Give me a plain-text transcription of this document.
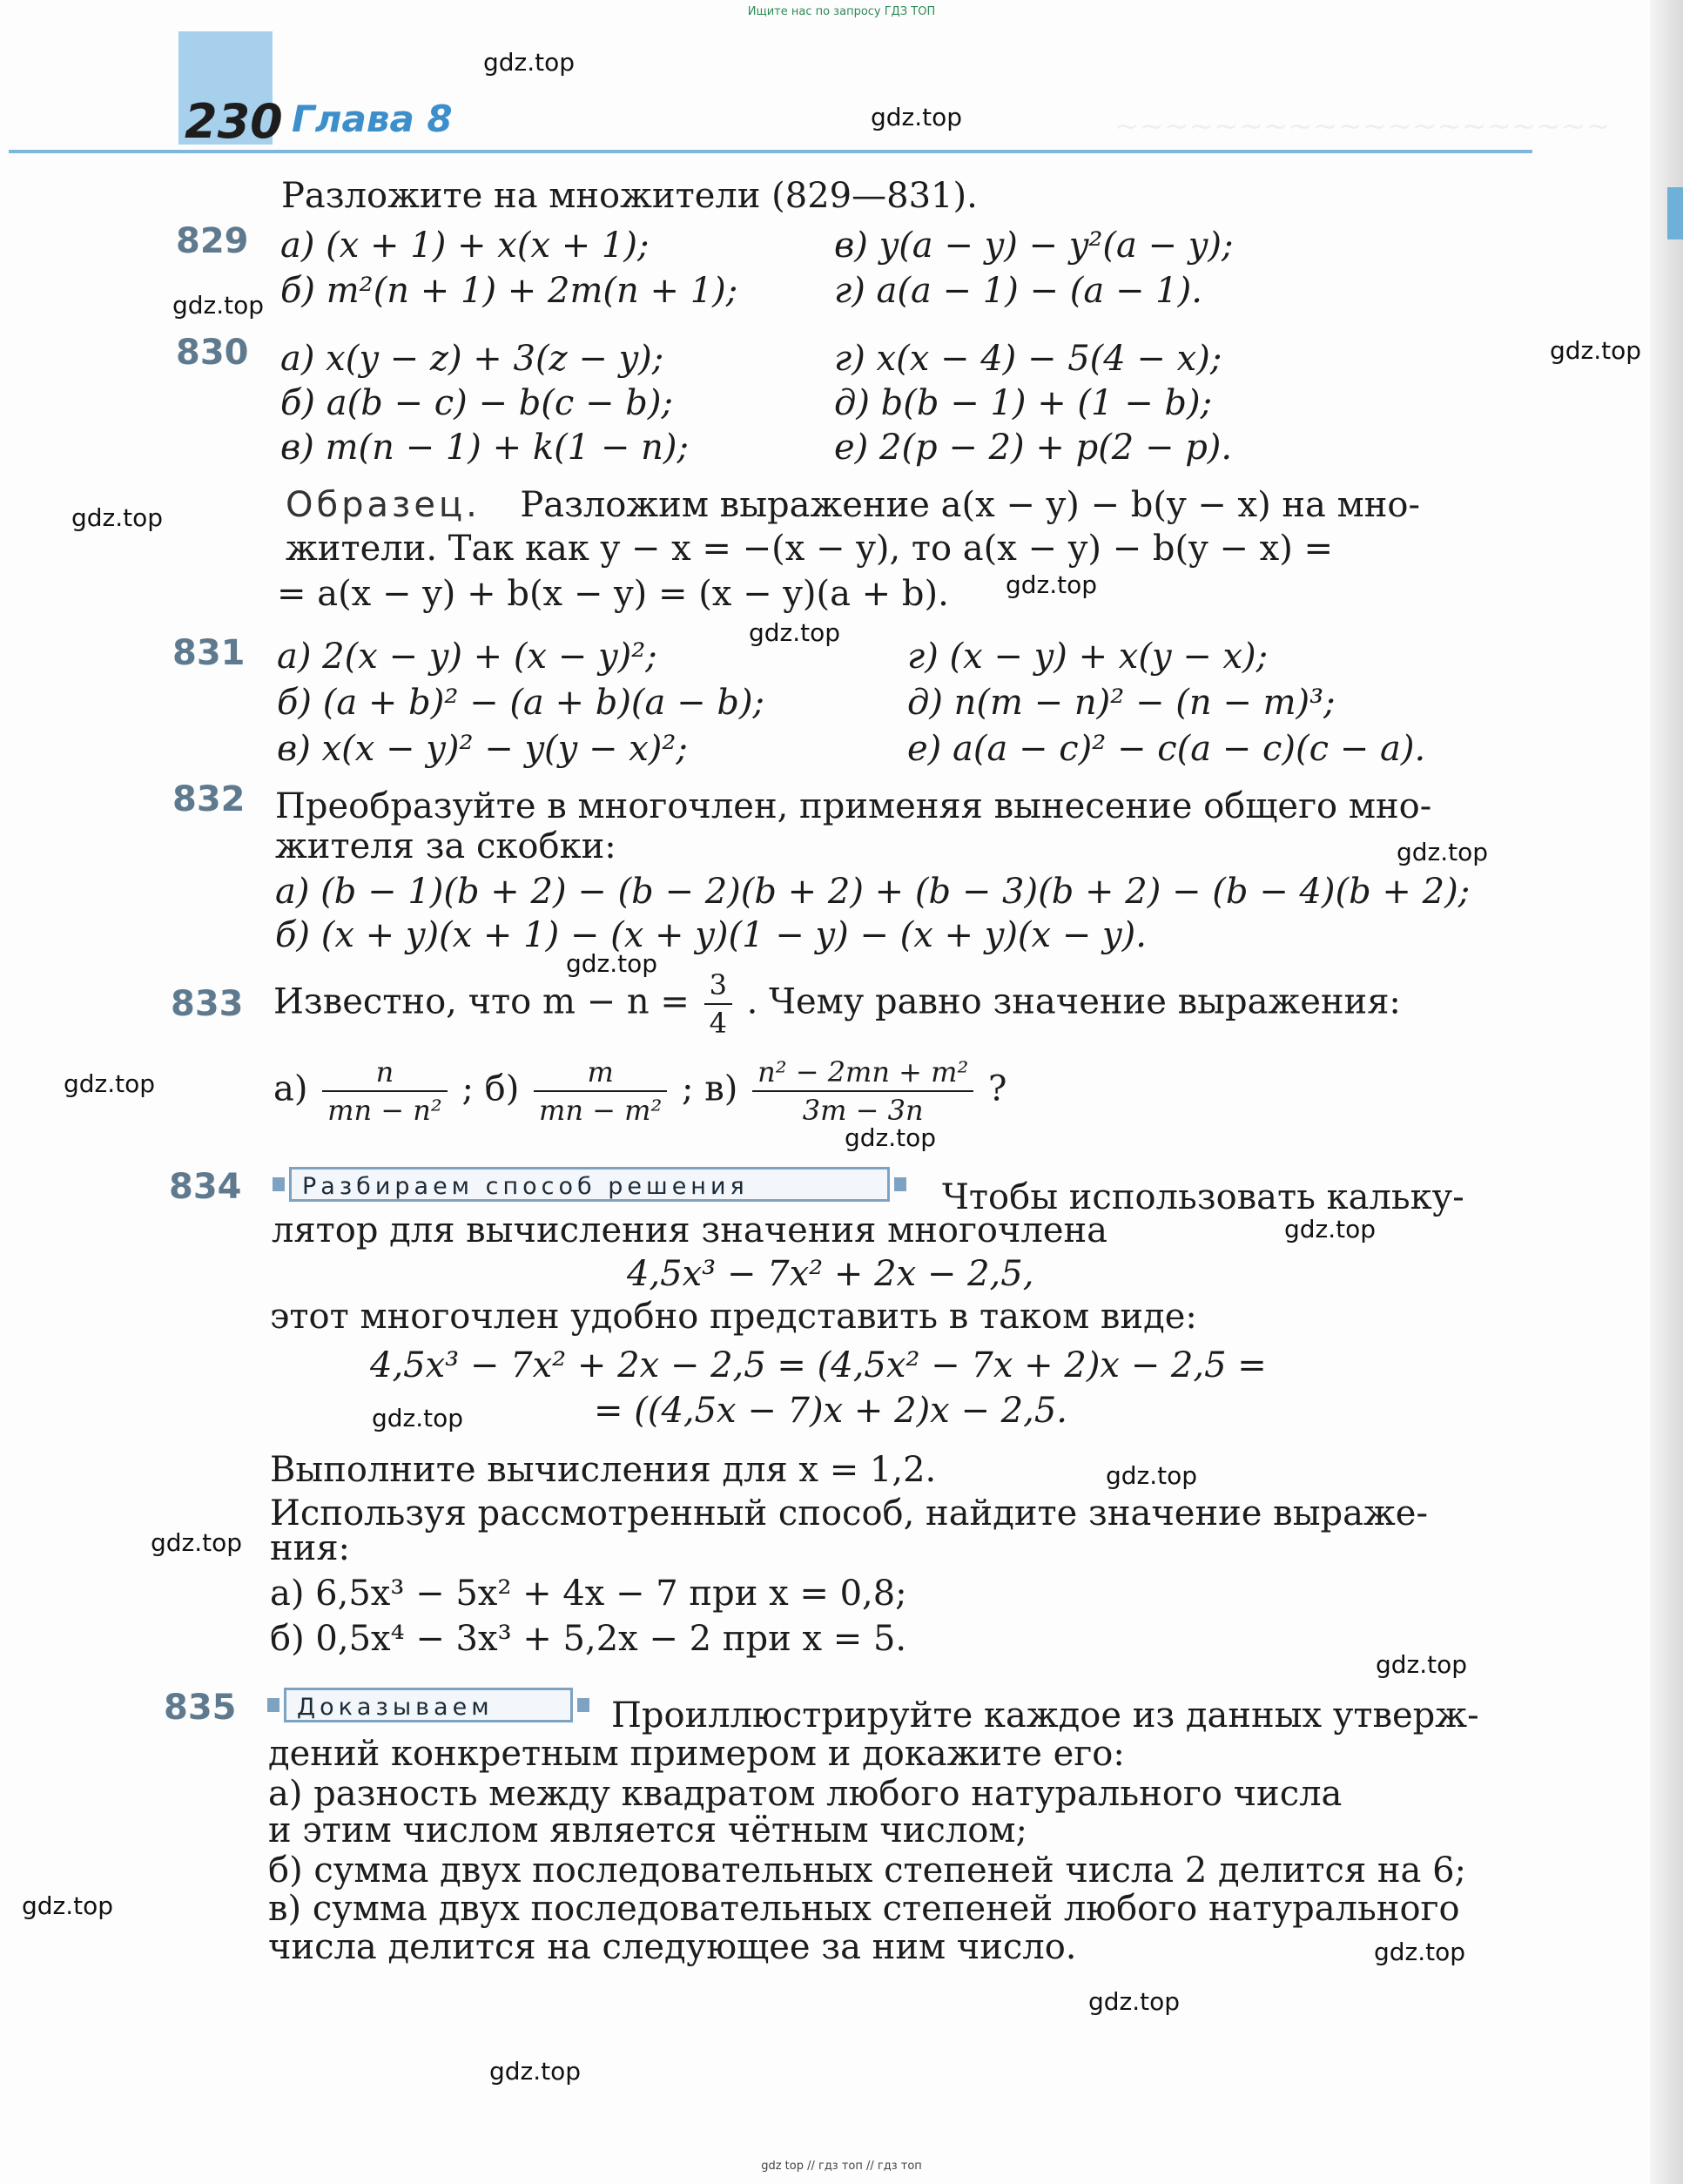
~~~~~~~~~~~~~~~~~~~~
Ищите нас по запросу ГДЗ ТОП
230 Глава 8
gdz.top
gdz.top
gdz.top
gdz.top
gdz.top
gdz.top
gdz.top
gdz.top
gdz.top
gdz.top
gdz.top
gdz.top
gdz.top
gdz.top
gdz.top
gdz.top
gdz.top
gdz.top
gdz.top
gdz.top
Разложите на множители (829—831).
829 а) (x + 1) + x(x + 1);
б) m²(n + 1) + 2m(n + 1);
в) y(a − y) − y²(a − y);
г) a(a − 1) − (a − 1).
830 а) x(y − z) + 3(z − y);
б) a(b − c) − b(c − b);
в) m(n − 1) + k(1 − n);
г) x(x − 4) − 5(4 − x);
д) b(b − 1) + (1 − b);
е) 2(p − 2) + p(2 − p).
Образец. Разложим выражение a(x − y) − b(y − x) на мно-
жители. Так как y − x = −(x − y), то a(x − y) − b(y − x) =
= a(x − y) + b(x − y) = (x − y)(a + b).
831 а) 2(x − y) + (x − y)²;
б) (a + b)² − (a + b)(a − b);
в) x(x − y)² − y(y − x)²;
г) (x − y) + x(y − x);
д) n(m − n)² − (n − m)³;
е) a(a − c)² − c(a − c)(c − a).
832 Преобразуйте в многочлен, применяя вынесение общего мно-
жителя за скобки:
а) (b − 1)(b + 2) − (b − 2)(b + 2) + (b − 3)(b + 2) − (b − 4)(b + 2);
б) (x + y)(x + 1) − (x + y)(1 − y) − (x + y)(x − y).
833 Известно, что $m - n = \frac{3}{4}$ . Чему равно значение выражения:
$а) \frac{n}{\text{mn − n²}}$ ; $б) \frac{m}{\text{mn − m²}}$ ; $в) \frac{\text{n² − 2mn + m²}}{3m - 3n}$ ?
834	Разбираем способ решения	Чтобы использовать кальку-
лятор для вычисления значения многочлена
4,5x³ − 7x² + 2x − 2,5,
этот многочлен удобно представить в таком виде:
4,5x³ − 7x² + 2x − 2,5 = (4,5x² − 7x + 2)x − 2,5 =
= ((4,5x − 7)x + 2)x − 2,5.
Выполните вычисления для x = 1,2.
Используя рассмотренный способ, найдите значение выраже-
ния:
а) 6,5x³ − 5x² + 4x − 7 при x = 0,8;
б) 0,5x⁴ − 3x³ + 5,2x − 2 при x = 5.
835	Доказываем	Проиллюстрируйте каждое из данных утверж-
дений конкретным примером и докажите его:
а) разность между квадратом любого натурального числа
и этим числом является чётным числом;
б) сумма двух последовательных степеней числа 2 делится на 6;
в) сумма двух последовательных степеней любого натурального
числа делится на следующее за ним число.
gdz top // гдз топ // гдз топ
